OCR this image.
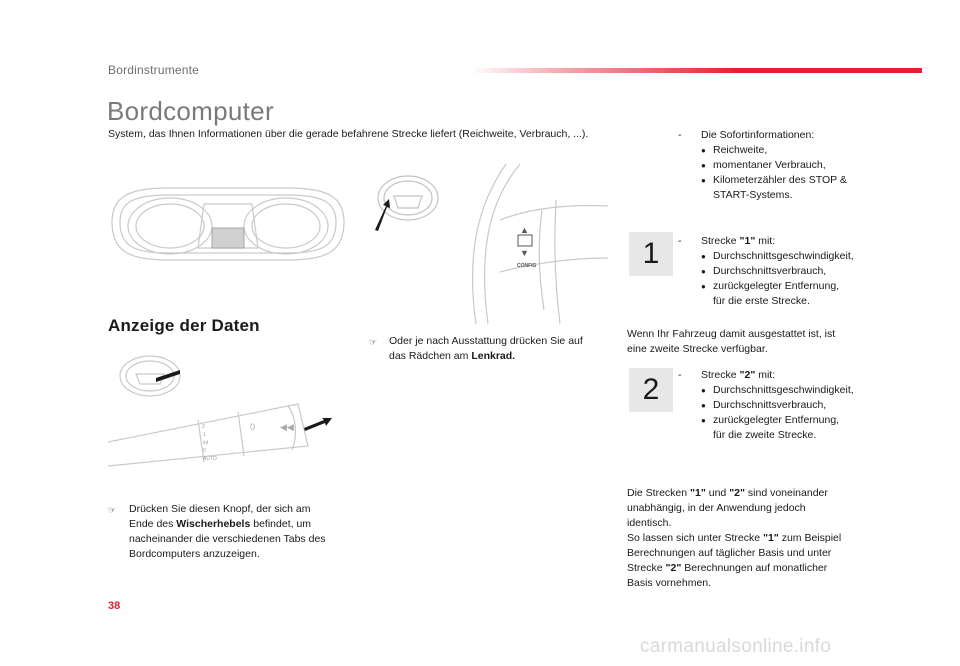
Bordinstrumente
Bordcomputer
System, das Ihnen Informationen über die gerade befahrene Strecke liefert (Reichweite, Verbrauch, ...).
▲
▼
CONFIG
Anzeige der Daten
☞ Oder je nach Ausstattung drücken Sie auf
das Rädchen am Lenkrad.
2
1
int
0
AUTO
0	◀◀
☞ Drücken Sie diesen Knopf, der sich am
Ende des Wischerhebels befindet, um
nacheinander die verschiedenen Tabs des
Bordcomputers anzuzeigen.
- Die Sofortinformationen:
● Reichweite,
● momentaner Verbrauch,
● Kilometerzähler des STOP &
START-Systems.
1	- Strecke "1" mit:
● Durchschnittsgeschwindigkeit,
● Durchschnittsverbrauch,
● zurückgelegter Entfernung,
für die erste Strecke.
Wenn Ihr Fahrzeug damit ausgestattet ist, ist
eine zweite Strecke verfügbar.
2	- Strecke "2" mit:
● Durchschnittsgeschwindigkeit,
● Durchschnittsverbrauch,
● zurückgelegter Entfernung,
für die zweite Strecke.
Die Strecken "1" und "2" sind voneinander
unabhängig, in der Anwendung jedoch
identisch.
So lassen sich unter Strecke "1" zum Beispiel
Berechnungen auf täglicher Basis und unter
Strecke "2" Berechnungen auf monatlicher
Basis vornehmen.
38
carmanualsonline.info
